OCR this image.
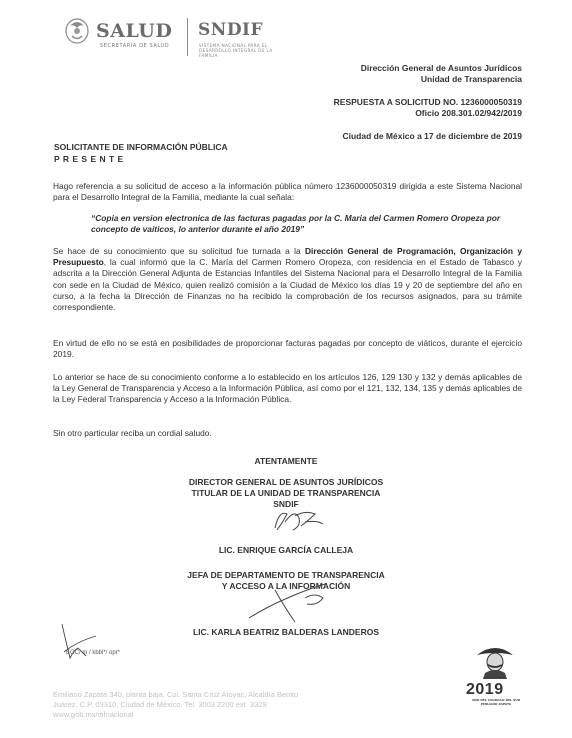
SALUD
SECRETARÍA DE SALUD
SNDIF
SISTEMA NACIONAL PARA EL DESARROLLO INTEGRAL DE LA FAMILIA
Dirección General de Asuntos Jurídicos
Unidad de Transparencia
RESPUESTA A SOLICITUD NO. 1236000050319
Oficio 208.301.02/942/2019
Ciudad de México a 17 de diciembre de 2019
SOLICITANTE DE INFORMACIÓN PÚBLICA
P R E S E N T E
Hago referencia a su solicitud de acceso a la información pública número 1236000050319 dirigida a este Sistema Nacional para el Desarrollo Integral de la Familia, mediante la cual señala:
“Copia en version electronica de las facturas pagadas por la C. Maria del Carmen Romero Oropeza por concepto de vaiticos, lo anterior durante el año 2019”
Se hace de su conocimiento que su solicitud fue turnada a la Dirección General de Programación, Organización y Presupuesto, la cual informó que la C. María del Carmen Romero Oropeza, con residencia en el Estado de Tabasco y adscrita a la Dirección General Adjunta de Estancias Infantiles del Sistema Nacional para el Desarrollo Integral de la Familia con sede en la Ciudad de México, quien realizó comisión a la Ciudad de México los días 19 y 20 de septiembre del año en curso, a la fecha la Dirección de Finanzas no ha recibido la comprobación de los recursos asignados, para su trámite correspondiente.
En virtud de ello no se está en posibilidades de proporcionar facturas pagadas por concepto de viáticos, durante el ejercicio 2019.
Lo anterior se hace de su conocimiento conforme a lo establecido en los artículos 126, 129 130 y 132 y demás aplicables de la Ley General de Transparencia y Acceso a la Información Pública, así como por el 121, 132, 134, 135 y demás aplicables de la Ley Federal Transparencia y Acceso a la Información Pública.
Sin otro particular reciba un cordial saludo.
ATENTAMENTE
DIRECTOR GENERAL DE ASUNTOS JURÍDICOS
TITULAR DE LA UNIDAD DE TRANSPARENCIA
SNDIF
LIC. ENRIQUE GARCÍA CALLEJA
JEFA DE DEPARTAMENTO DE TRANSPARENCIA
Y ACCESO A LA INFORMACIÓN
LIC. KARLA BEATRIZ BALDERAS LANDEROS
EGC/ m / kbbl*/ opr*
Emiliano Zapata 340, planta baja, Col. Santa Cruz Atoyac, Alcaldía Benito
Juárez, C.P. 03310, Ciudad de México. Tel. 3003 2200 ext. 3329
www.gob.mx/difnacional
2019
AÑO DEL CAUDILLO DEL SUR EMILIANO ZAPATA
